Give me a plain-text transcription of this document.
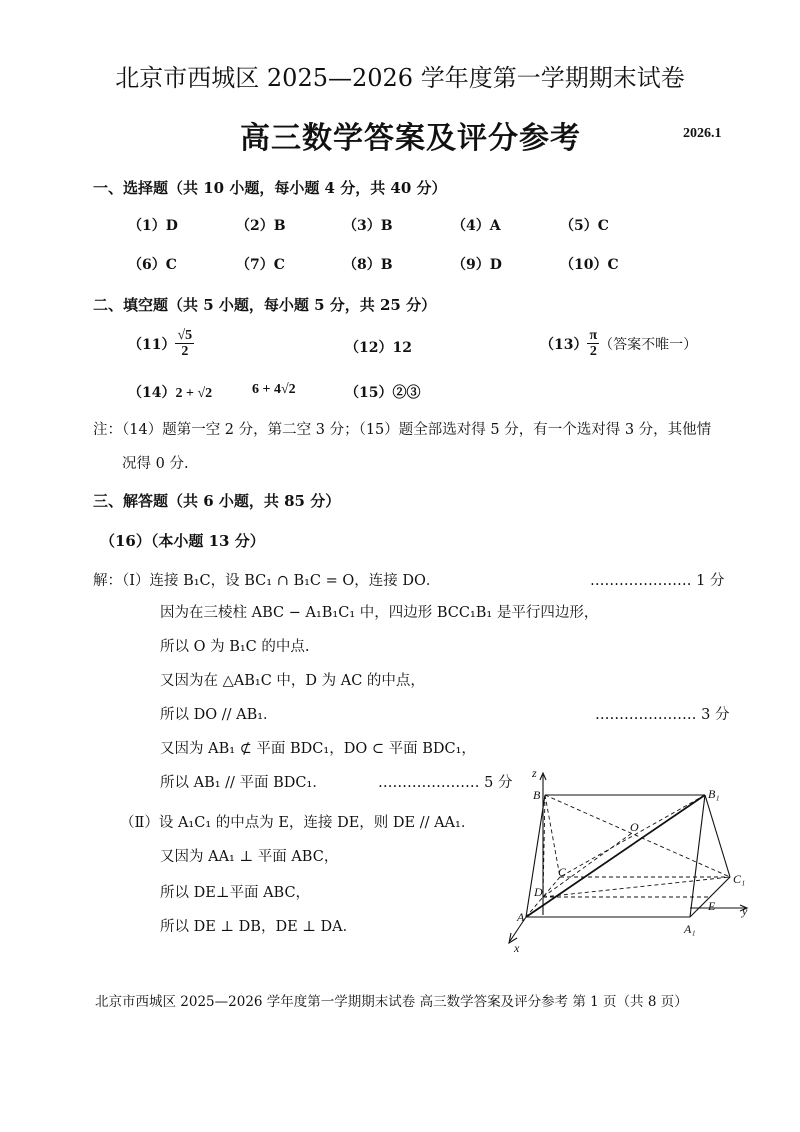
北京市西城区 2025—2026 学年度第一学期期末试卷
高三数学答案及评分参考	2026.1
一、选择题（共 10 小题，每小题 4 分，共 40 分）
（1）D	（2）B	（3）B	（4）A	（5）C
（6）C	（7）C	（8）B	（9）D	（10）C
二、填空题（共 5 小题，每小题 5 分，共 25 分）
$(11) \frac{√5}{2}$	（12）12	$(13) \frac{\pi}{2}$ （答案不唯一）
（14）2 + √2	6 + 4√2	（15）②③
注：（14）题第一空 2 分，第二空 3 分；（15）题全部选对得 5 分，有一个选对得 3 分，其他情
况得 0 分.
三、解答题（共 6 小题，共 85 分）
（16）（本小题 13 分）
解：（Ⅰ）连接 B₁C，设 BC₁ ∩ B₁C = O，连接 DO．	………………… 1 分
因为在三棱柱 ABC − A₁B₁C₁ 中，四边形 BCC₁B₁ 是平行四边形，
所以 O 为 B₁C 的中点.
又因为在 △AB₁C 中，D 为 AC 的中点，
所以 DO // AB₁．	………………… 3 分
又因为 AB₁ ⊄ 平面 BDC₁，DO ⊂ 平面 BDC₁，
所以 AB₁ // 平面 BDC₁．	………………… 5 分
（Ⅱ）设 A₁C₁ 的中点为 E，连接 DE，则 DE // AA₁．
又因为 AA₁ ⊥ 平面 ABC，
所以 DE⊥平面 ABC，
所以 DE ⊥ DB，DE ⊥ DA．
z
B	B₁
O
C	C₁
D
A
E
A₁
y
x
北京市西城区 2025—2026 学年度第一学期期末试卷 高三数学答案及评分参考 第 1 页（共 8 页）
